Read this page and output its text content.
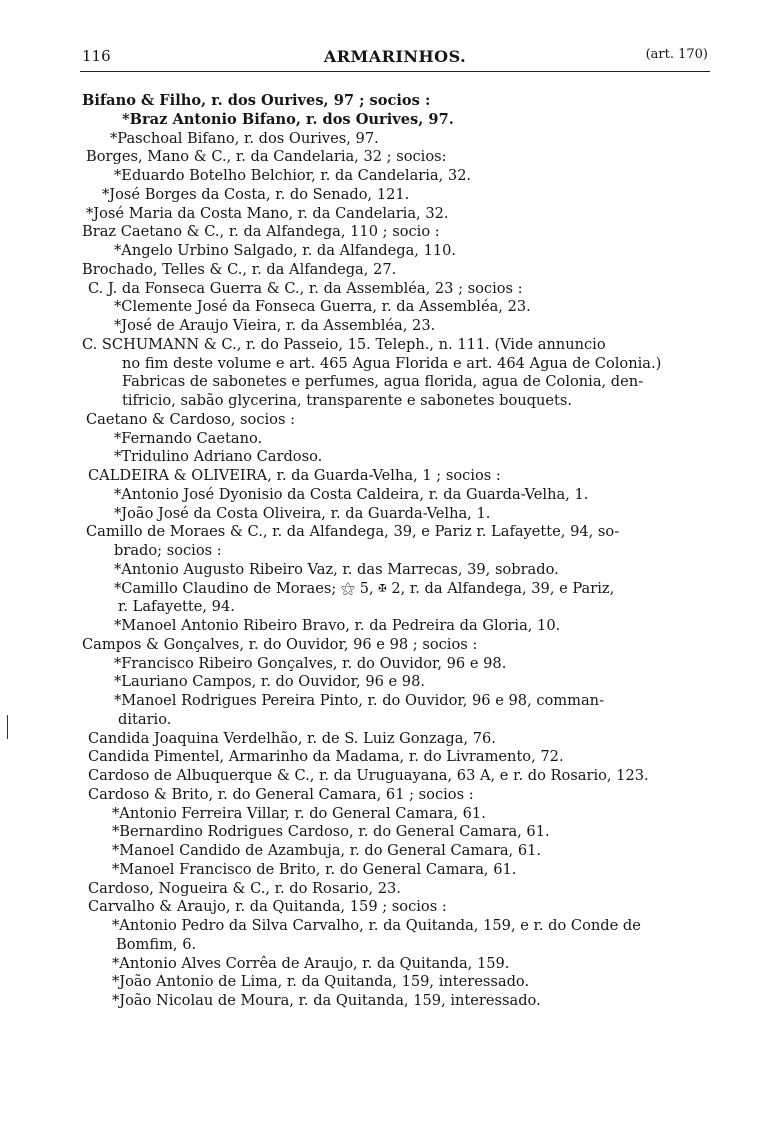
116	ARMARINHOS.	(art. 170)
Bifano & Filho, r. dos Ourives, 97 ; socios :
*Braz Antonio Bifano, r. dos Ourives, 97.
*Paschoal Bifano, r. dos Ourives, 97.
Borges, Mano & C., r. da Candelaria, 32 ; socios:
*Eduardo Botelho Belchior, r. da Candelaria, 32.
*José Borges da Costa, r. do Senado, 121.
*José Maria da Costa Mano, r. da Candelaria, 32.
Braz Caetano & C., r. da Alfandega, 110 ; socio :
*Angelo Urbino Salgado, r. da Alfandega, 110.
Brochado, Telles & C., r. da Alfandega, 27.
C. J. da Fonseca Guerra & C., r. da Assembléa, 23 ; socios :
*Clemente José da Fonseca Guerra, r. da Assembléa, 23.
*José de Araujo Vieira, r. da Assembléa, 23.
C. SCHUMANN & C., r. do Passeio, 15. Teleph., n. 111. (Vide annuncio
no fim deste volume e art. 465 Agua Florida e art. 464 Agua de Colonia.)
Fabricas de sabonetes e perfumes, agua florida, agua de Colonia, den-
tifricio, sabão glycerina, transparente e sabonetes bouquets.
Caetano & Cardoso, socios :
*Fernando Caetano.
*Tridulino Adriano Cardoso.
CALDEIRA & OLIVEIRA, r. da Guarda-Velha, 1 ; socios :
*Antonio José Dyonisio da Costa Caldeira, r. da Guarda-Velha, 1.
*João José da Costa Oliveira, r. da Guarda-Velha, 1.
Camillo de Moraes & C., r. da Alfandega, 39, e Pariz r. Lafayette, 94, so-
brado; socios :
*Antonio Augusto Ribeiro Vaz, r. das Marrecas, 39, sobrado.
*Camillo Claudino de Moraes; ⚝ 5, ✠ 2, r. da Alfandega, 39, e Pariz,
r. Lafayette, 94.
*Manoel Antonio Ribeiro Bravo, r. da Pedreira da Gloria, 10.
Campos & Gonçalves, r. do Ouvidor, 96 e 98 ; socios :
*Francisco Ribeiro Gonçalves, r. do Ouvidor, 96 e 98.
*Lauriano Campos, r. do Ouvidor, 96 e 98.
*Manoel Rodrigues Pereira Pinto, r. do Ouvidor, 96 e 98, comman-
ditario.
Candida Joaquina Verdelhão, r. de S. Luiz Gonzaga, 76.
Candida Pimentel, Armarinho da Madama, r. do Livramento, 72.
Cardoso de Albuquerque & C., r. da Uruguayana, 63 A, e r. do Rosario, 123.
Cardoso & Brito, r. do General Camara, 61 ; socios :
*Antonio Ferreira Villar, r. do General Camara, 61.
*Bernardino Rodrigues Cardoso, r. do General Camara, 61.
*Manoel Candido de Azambuja, r. do General Camara, 61.
*Manoel Francisco de Brito, r. do General Camara, 61.
Cardoso, Nogueira & C., r. do Rosario, 23.
Carvalho & Araujo, r. da Quitanda, 159 ; socios :
*Antonio Pedro da Silva Carvalho, r. da Quitanda, 159, e r. do Conde de
Bomfim, 6.
*Antonio Alves Corrêa de Araujo, r. da Quitanda, 159.
*João Antonio de Lima, r. da Quitanda, 159, interessado.
*João Nicolau de Moura, r. da Quitanda, 159, interessado.
